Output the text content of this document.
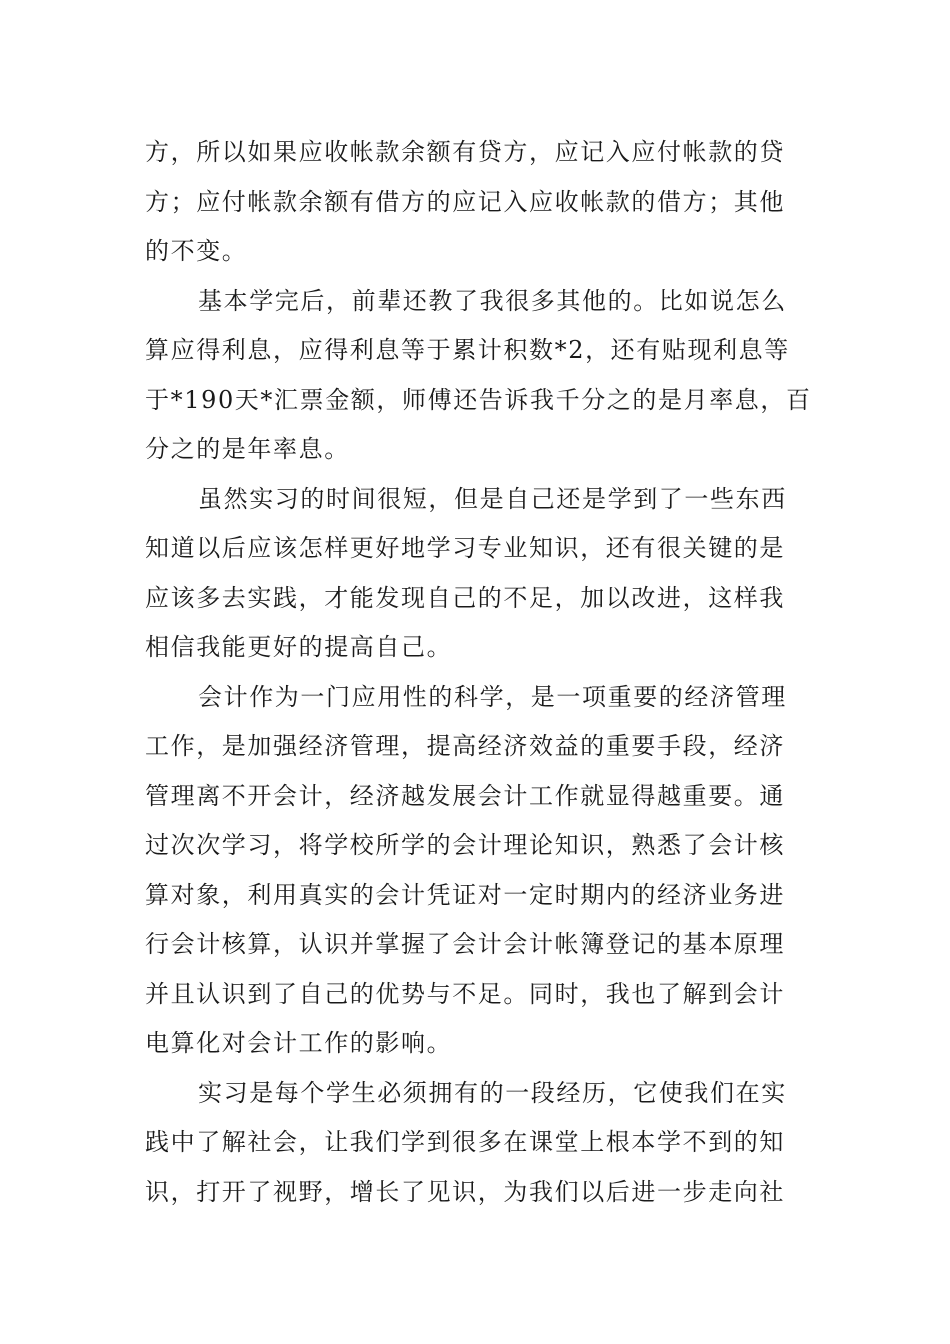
方，所以如果应收帐款余额有贷方，应记入应付帐款的贷
方；应付帐款余额有借方的应记入应收帐款的借方；其他
的不变。
基本学完后，前辈还教了我很多其他的。比如说怎么
算应得利息，应得利息等于累计积数*2，还有贴现利息等
于*190天*汇票金额，师傅还告诉我千分之的是月率息，百
分之的是年率息。
虽然实习的时间很短，但是自己还是学到了一些东西
知道以后应该怎样更好地学习专业知识，还有很关键的是
应该多去实践，才能发现自己的不足，加以改进，这样我
相信我能更好的提高自己。
会计作为一门应用性的科学，是一项重要的经济管理
工作，是加强经济管理，提高经济效益的重要手段，经济
管理离不开会计，经济越发展会计工作就显得越重要。通
过次次学习，将学校所学的会计理论知识，熟悉了会计核
算对象，利用真实的会计凭证对一定时期内的经济业务进
行会计核算，认识并掌握了会计会计帐簿登记的基本原理
并且认识到了自己的优势与不足。同时，我也了解到会计
电算化对会计工作的影响。
实习是每个学生必须拥有的一段经历，它使我们在实
践中了解社会，让我们学到很多在课堂上根本学不到的知
识，打开了视野，增长了见识，为我们以后进一步走向社
